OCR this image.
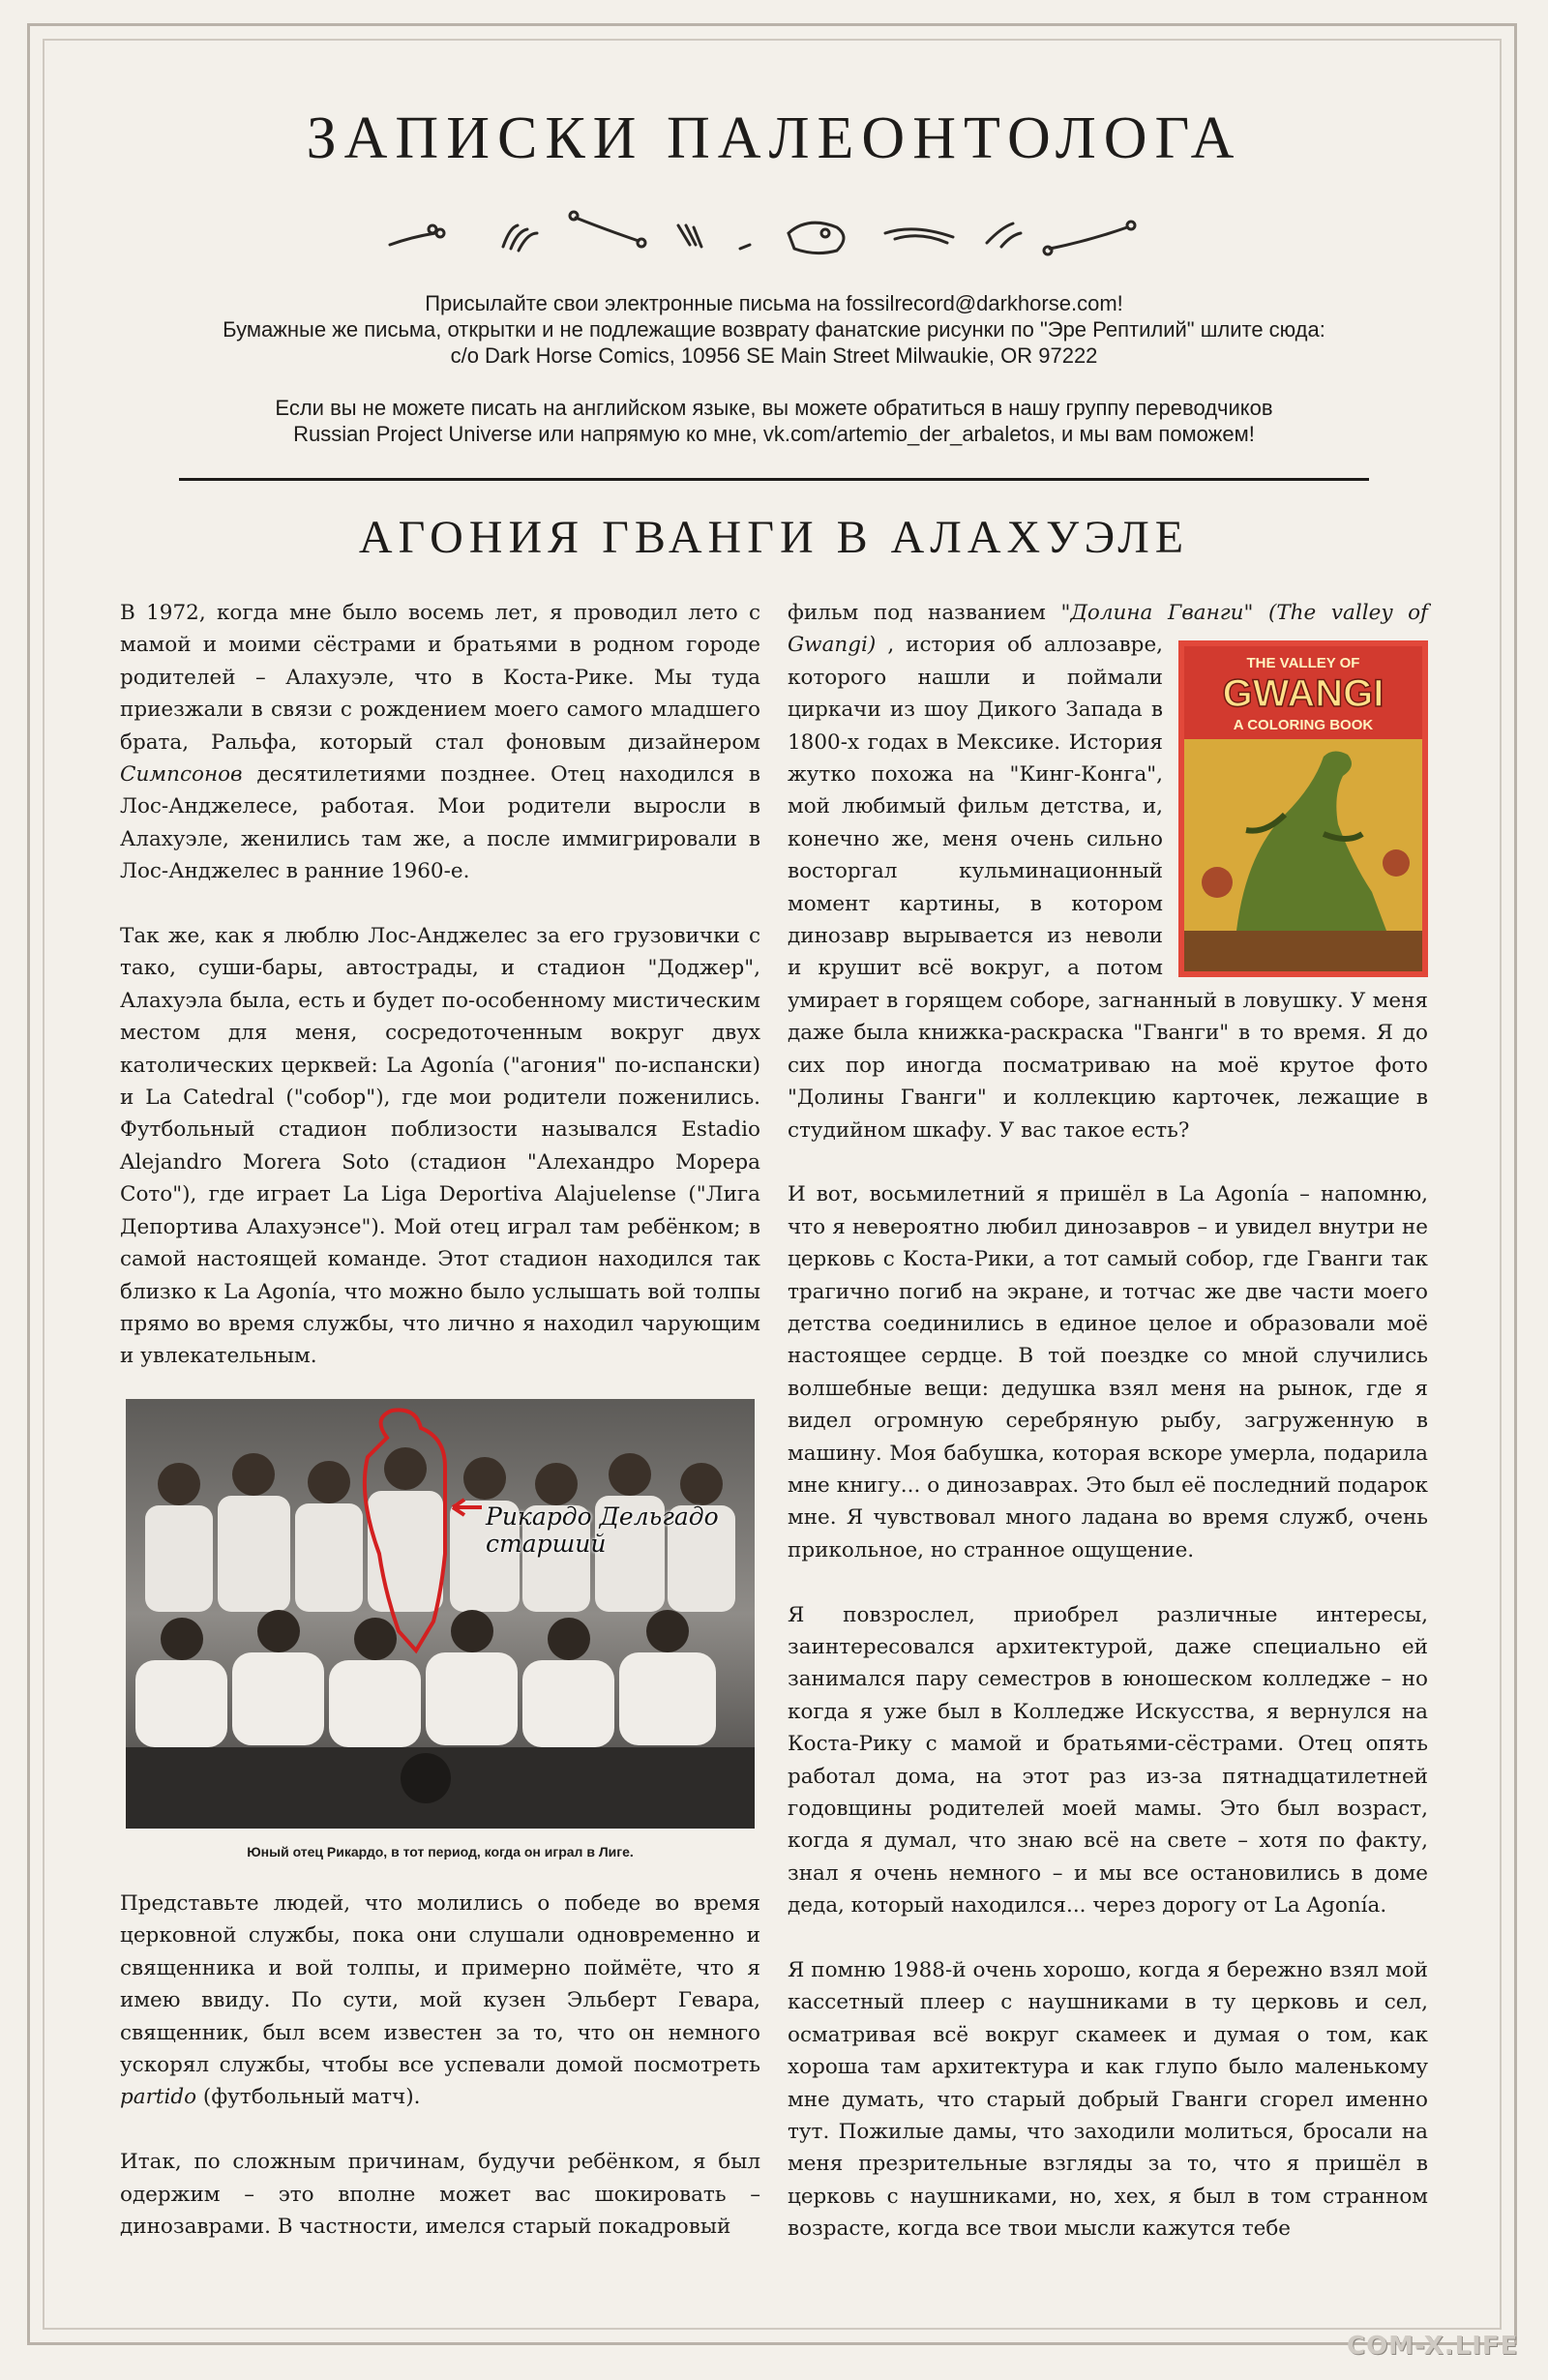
ЗАПИСКИ ПАЛЕОНТОЛОГА

Присылайте свои электронные письма на fossilrecord@darkhorse.com!

Бумажные же письма, открытки и не подлежащие возврату фанатские рисунки по "Эре Рептилий" шлите сюда:

c/o Dark Horse Comics, 10956 SE Main Street Milwaukie, OR 97222

Если вы не можете писать на английском языке, вы можете обратиться в нашу группу переводчиков

Russian Project Universe или напрямую ко мне, vk.com/artemio_der_arbaletos, и мы вам поможем!

АГОНИЯ ГВАНГИ В АЛАХУЭЛЕ

В 1972, когда мне было восемь лет, я проводил лето с мамой и моими сёстрами и братьями в родном городе родителей – Алахуэле, что в Коста-Рике. Мы туда приезжали в связи с рождением моего самого младшего брата, Ральфа, который стал фоновым дизайнером Симпсонов десятилетиями позднее. Отец находился в Лос-Анджелесе, работая. Мои родители выросли в Алахуэле, женились там же, а после иммигрировали в Лос-Анджелес в ранние 1960-е.

Так же, как я люблю Лос-Анджелес за его грузовички с тако, суши-бары, автострады, и стадион "Доджер", Алахуэла была, есть и будет по-особенному мистическим местом для меня, сосредоточенным вокруг двух католических церквей: La Agonía ("агония" по-испански) и La Catedral ("собор"), где мои родители поженились. Футбольный стадион поблизости назывался Estadio Alejandro Morera Soto (стадион "Алехандро Морера Сото"), где играет La Liga Deportiva Alajuelense ("Лига Депортива Алахуэнсе"). Мой отец играл там ребёнком; в самой настоящей команде. Этот стадион находился так близко к La Agonía, что можно было услышать вой толпы прямо во время службы, что лично я находил чарующим и увлекательным.

Рикардо Дельгадо
старший
Юный отец Рикардо, в тот период, когда он играл в Лиге.

Представьте людей, что молились о победе во время церковной службы, пока они слушали одновременно и священника и вой толпы, и примерно поймёте, что я имею ввиду. По сути, мой кузен Эльберт Гевара, священник, был всем известен за то, что он немного ускорял службы, чтобы все успевали домой посмотреть partido (футбольный матч).

Итак, по сложным причинам, будучи ребёнком, я был одержим – это вполне может вас шокировать – динозаврами. В частности, имелся старый покадровый

фильм под названием "Долина Гванги" (The valley of Gwangi)
THE VALLEY OF
GWANGI
A COLORING BOOK
, история об аллозавре, которого нашли и поймали циркачи из шоу Дикого Запада в 1800-х годах в Мексике. История жутко похожа на "Кинг-Конга", мой любимый фильм детства, и, конечно же, меня очень сильно восторгал кульминационный момент картины, в котором динозавр вырывается из неволи и крушит всё вокруг, а потом умирает в горящем соборе, загнанный в ловушку. У меня даже была книжка-раскраска "Гванги" в то время. Я до сих пор иногда посматриваю на моё крутое фото "Долины Гванги" и коллекцию карточек, лежащие в студийном шкафу. У вас такое есть?

И вот, восьмилетний я пришёл в La Agonía – напомню, что я невероятно любил динозавров – и увидел внутри не церковь с Коста-Рики, а тот самый собор, где Гванги так трагично погиб на экране, и тотчас же две части моего детства соединились в единое целое и образовали моё настоящее сердце. В той поездке со мной случились волшебные вещи: дедушка взял меня на рынок, где я видел огромную серебряную рыбу, загруженную в машину. Моя бабушка, которая вскоре умерла, подарила мне книгу... о динозаврах. Это был её последний подарок мне. Я чувствовал много ладана во время служб, очень прикольное, но странное ощущение.

Я повзрослел, приобрел различные интересы, заинтересовался архитектурой, даже специально ей занимался пару семестров в юношеском колледже – но когда я уже был в Колледже Искусства, я вернулся на Коста-Рику с мамой и братьями-сёстрами. Отец опять работал дома, на этот раз из-за пятнадцатилетней годовщины родителей моей мамы. Это был возраст, когда я думал, что знаю всё на свете – хотя по факту, знал я очень немного – и мы все остановились в доме деда, который находился... через дорогу от La Agonía.

Я помню 1988-й очень хорошо, когда я бережно взял мой кассетный плеер с наушниками в ту церковь и сел, осматривая всё вокруг скамеек и думая о том, как хороша там архитектура и как глупо было маленькому мне думать, что старый добрый Гванги сгорел именно тут. Пожилые дамы, что заходили молиться, бросали на меня презрительные взгляды за то, что я пришёл в церковь с наушниками, но, хех, я был в том странном возрасте, когда все твои мысли кажутся тебе

COM-X.LIFE
